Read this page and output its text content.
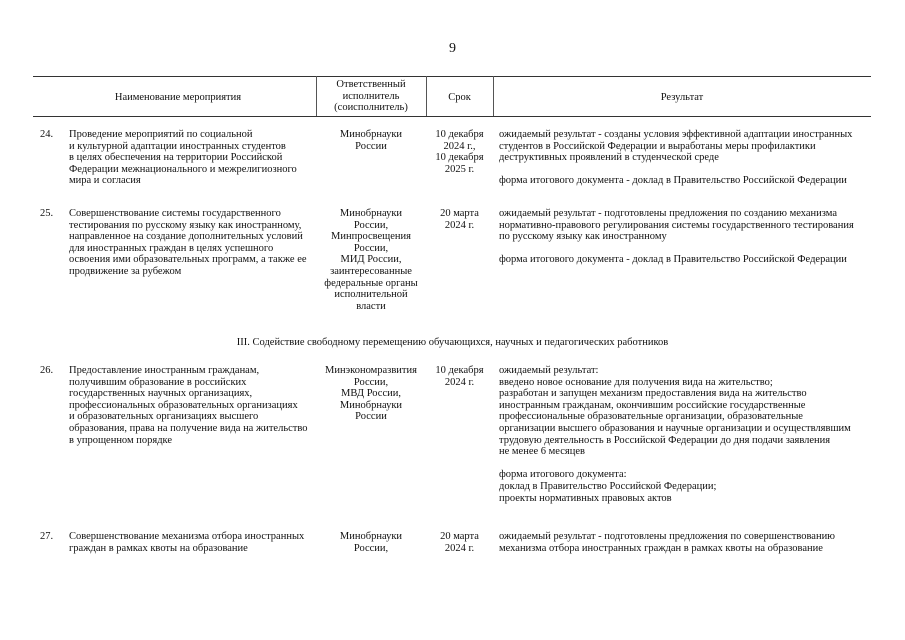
9
Наименование мероприятия
Ответственный
исполнитель
(соисполнитель)
Срок	Результат
24. Проведение мероприятий по социальной
и культурной адаптации иностранных студентов
в целях обеспечения на территории Российской
Федерации межнационального и межрелигиозного
мира и согласия
Минобрнауки
России
10 декабря
2024 г.,
10 декабря
2025 г.
ожидаемый результат - созданы условия эффективной адаптации иностранных
студентов в Российской Федерации и выработаны меры профилактики
деструктивных проявлений в студенческой среде
форма итогового документа - доклад в Правительство Российской Федерации
25. Совершенствование системы государственного
тестирования по русскому языку как иностранному,
направленное на создание дополнительных условий
для иностранных граждан в целях успешного
освоения ими образовательных программ, а также ее
продвижение за рубежом
Минобрнауки
России,
Минпросвещения
России,
МИД России,
заинтересованные
федеральные органы
исполнительной
власти
20 марта
2024 г.
ожидаемый результат - подготовлены предложения по созданию механизма
нормативно-правового регулирования системы государственного тестирования
по русскому языку как иностранному
форма итогового документа - доклад в Правительство Российской Федерации
III. Содействие свободному перемещению обучающихся, научных и педагогических работников
26. Предоставление иностранным гражданам,
получившим образование в российских
государственных научных организациях,
профессиональных образовательных организациях
и образовательных организациях высшего
образования, права на получение вида на жительство
в упрощенном порядке
Минэкономразвития
России,
МВД России,
Минобрнауки
России
10 декабря
2024 г.
ожидаемый результат:
введено новое основание для получения вида на жительство;
разработан и запущен механизм предоставления вида на жительство
иностранным гражданам, окончившим российские государственные
профессиональные образовательные организации, образовательные
организации высшего образования и научные организации и осуществлявшим
трудовую деятельность в Российской Федерации до дня подачи заявления
не менее 6 месяцев
форма итогового документа:
доклад в Правительство Российской Федерации;
проекты нормативных правовых актов
27. Совершенствование механизма отбора иностранных
граждан в рамках квоты на образование
Минобрнауки
России,
20 марта
2024 г.
ожидаемый результат - подготовлены предложения по совершенствованию
механизма отбора иностранных граждан в рамках квоты на образование
